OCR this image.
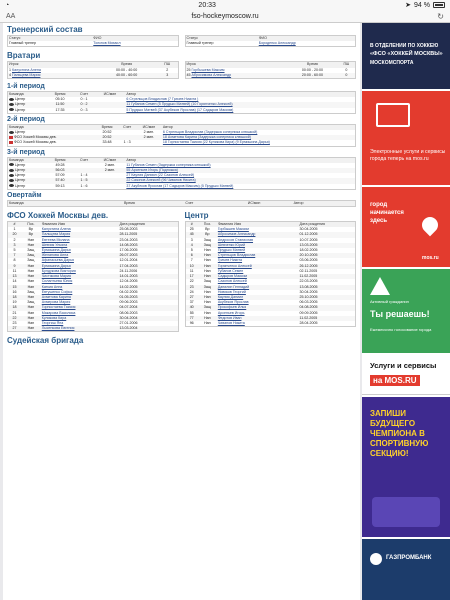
◔	20:33	➤ 94 %
AA	fso-hockeymoscow.ru	↻
Тренерский состав
Статус	ФИО
Главный тренер	Толкнов Михаил
Статус	ФИО
Главный тренер	Бороденко Александр
Вратари
Игрок	Время	ПШ
1 Калустина Алена	00:00 - 40:00	2
4 Пальцева Мария	40:00 - 60:00	3
Игрок	Время	ПШ
25 Горбышева Максим	00:00 - 20:00	0
45 Абросимова Александр	20:00 - 60:00	0
1-й период
Команда	Время	Счет	ИС/мин	Автор
Центр	05:10	0 : 1		6 Стрельцов Владислав (7 Грачев Никита )
Центр	11:50	0 : 2		11 Губанов Семен (5 Прудько Матвей) (10 Горянченко Алексей)
Центр	17:35	0 : 3		5 Прудько Матвей (37 Акубеков Ярослав) (17 Садыров Максим)
2-й период
Команда	Время	Счет	ИС/мин	Автор
Центр	20:52		2 мин.	6 Стрельцов Владислав (Задержка соперника клюшкой)
ФСО Хоккей Москвы дев.	20:52		2 мин.	18 Ахметова Карина (Задержка соперника клюшкой)
ФСО Хоккей Москвы дев.	33:48	1 : 3		18 Горностаева Таисия (22 Куликова Кира) (9 Ермишина Дарья)
3-й период
Команда	Время	Счет	ИС/мин	Автор
Центр	49:28		2 мин.	11 Губанов Семен (Задержка соперника клюшкой)
Центр	56:03		2 мин.	55 Арсеньев Игорь (Подножка)
Центр	57:09	1 : 4		27 Каулия Даниил (22 Сазонов Алексей)
Центр	57:40	1 : 5		22 Сазонов Алексей (96 Чиванов Никита)
Центр	59:13	1 : 6		37 Акубеков Ярослав (17 Садыров Максим) (5 Прудько Матвей)
Овертайм
Команда	Время	Счет	ИС/мин	Автор
ФСО Хоккей Москвы дев.
#	Поз.	Фамилия Имя	Дата рождения
1	Вр	Калустина Алена	25.08.2003
20	Вр	Пальцева Мария	28.11.2005
2	Нап	Евтеева Милана	23.04.2003
3	Нап	Шевчик Ульяна	14.08.2003
5	Защ	Ермишина Дарья	17.06.2005
7	Защ	Желанова Анна	26.07.2003
8	Защ	Афанасьева Дарья	12.01.2004
9	Нап	Ермишина Дарья	17.04.2003
11	Нап	Булдукова Виктория	24.11.2006
13	Нап	Чистякова Мария	14.01.2003
14	Нап	Силантьева Юлия	12.04.2005
15	Нап	Каткия Анна	14.02.2005
16	Защ	Евтушенко Софья	04.02.2005
18	Нап	Ахметова Карина	01.05.2003
19	Защ	Ахмерова Мария	09.06.2003
18	Нап	Горностаева Таисия	04.07.2004
21	Нап	Макарова Василиса	08.06.2003
22	Нап	Куликова Кира	30.04.2004
23	Нап	Георгиш Яна	27.01.2006
27	Нап	Лысенкова Евгения	13.03.2004
Центр
#	Поз.	Фамилия Имя	Дата рождения
25	Вр	Горбышев Максим	30.04.2005
45	Вр	Абросимов Александр	01.12.2005
3	Защ	Андросов Станислав	10.07.2005
4	Защ	Шевченко Юрий	13.03.2005
5	Нап	Прудько Матвей	18.02.2005
6	Нап	Стрельцов Владислав	20.10.2005
7	Нап	Грачев Никита	03.06.2005
10	Нап	Горянченко Алексей	26.12.2005
11	Нап	Губанов Семен	02.11.2005
17	Нап	Садыров Максим	11.02.2005
22	Защ	Сазонов Алексей	22.03.2005
23	Защ	Данилин Геннадий	13.08.2005
24	Нап	Новиков Георгий	30.04.2005
27	Нап	Каулия Даниил	25.10.2005
37	Нап	Акубеков Ярослав	06.03.2005
40	Защ	Прокофьев Илья	04.08.2005
55	Нап	Арсеньев Игорь	09.09.2005
77	Нап	Федотов Иван	11.02.2005
96	Нап	Чиванов Никита	28.04.2005
Судейская бригада
В ОТДЕЛЕНИИ ПО ХОККЕЮ
«ФСО «ХОККЕЙ МОСКВЫ»
МОСКОМСПОРТА
Электронные услуги и сервисы города теперь на mos.ru
город начинается здесь
mos.ru
Активный гражданин
Ты решаешь!
Ежемесячно голосование города
Услуги и сервисы
на MOS.RU
ЗАПИШИ БУДУЩЕГО ЧЕМПИОНА В СПОРТИВНУЮ СЕКЦИЮ!
ГАЗПРОМБАНК
